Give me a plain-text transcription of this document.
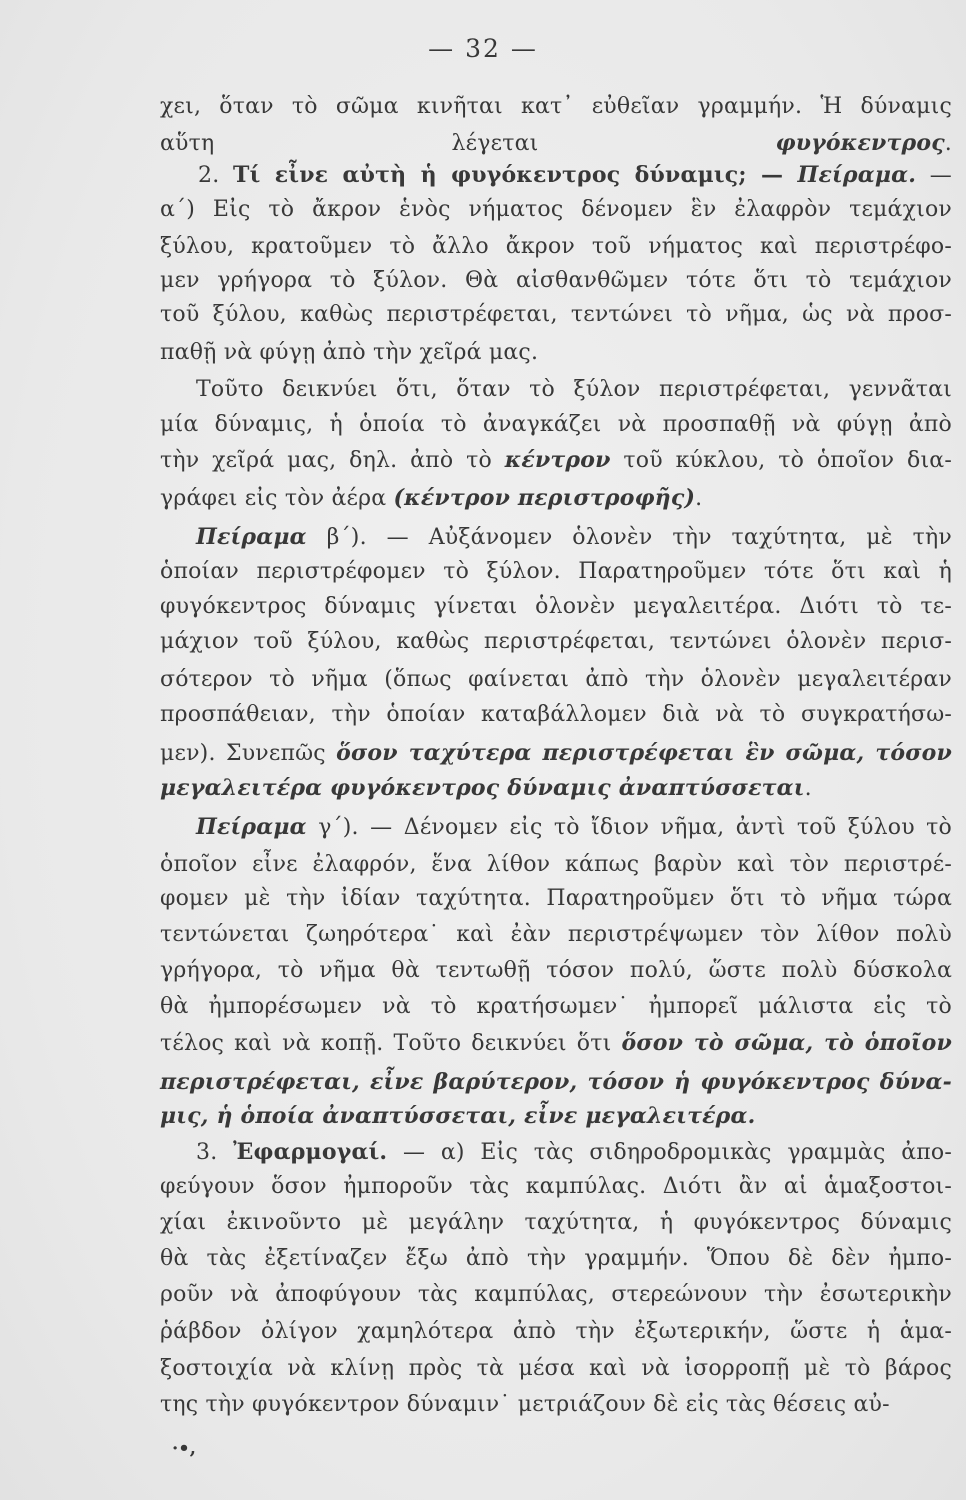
— 32 —
χει, ὅταν τὸ σῶμα κινῆται κατ᾽ εὐθεῖαν γραμμήν. Ἡ δύναμις
αὕτη λέγεται φυγόκεντρος.
2. Τί εἶνε αὐτὴ ἡ φυγόκεντρος δύναμις; — Πείραμα. —
α´) Εἰς τὸ ἄκρον ἑνὸς νήματος δένομεν ἓν ἐλαφρὸν τεμάχιον
ξύλου, κρατοῦμεν τὸ ἄλλο ἄκρον τοῦ νήματος καὶ περιστρέφο-
μεν γρήγορα τὸ ξύλον. Θὰ αἰσθανθῶμεν τότε ὅτι τὸ τεμάχιον
τοῦ ξύλου, καθὼς περιστρέφεται, τεντώνει τὸ νῆμα, ὡς νὰ προσ-
παθῇ νὰ φύγῃ ἀπὸ τὴν χεῖρά μας.
Τοῦτο δεικνύει ὅτι, ὅταν τὸ ξύλον περιστρέφεται, γεννᾶται
μία δύναμις, ἡ ὁποία τὸ ἀναγκάζει νὰ προσπαθῇ νὰ φύγῃ ἀπὸ
τὴν χεῖρά μας, δηλ. ἀπὸ τὸ κέντρον τοῦ κύκλου, τὸ ὁποῖον δια-
γράφει εἰς τὸν ἀέρα (κέντρον περιστροφῆς).
Πείραμα β´). — Αὐξάνομεν ὁλονὲν τὴν ταχύτητα, μὲ τὴν
ὁποίαν περιστρέφομεν τὸ ξύλον. Παρατηροῦμεν τότε ὅτι καὶ ἡ
φυγόκεντρος δύναμις γίνεται ὁλονὲν μεγαλειτέρα. Διότι τὸ τε-
μάχιον τοῦ ξύλου, καθὼς περιστρέφεται, τεντώνει ὁλονὲν περισ-
σότερον τὸ νῆμα (ὅπως φαίνεται ἀπὸ τὴν ὁλονὲν μεγαλειτέραν
προσπάθειαν, τὴν ὁποίαν καταβάλλομεν διὰ νὰ τὸ συγκρατήσω-
μεν). Συνεπῶς ὅσον ταχύτερα περιστρέφεται ἓν σῶμα, τόσον
μεγαλειτέρα φυγόκεντρος δύναμις ἀναπτύσσεται.
Πείραμα γ´). — Δένομεν εἰς τὸ ἴδιον νῆμα, ἀντὶ τοῦ ξύλου τὸ
ὁποῖον εἶνε ἐλαφρόν, ἕνα λίθον κάπως βαρὺν καὶ τὸν περιστρέ-
φομεν μὲ τὴν ἰδίαν ταχύτητα. Παρατηροῦμεν ὅτι τὸ νῆμα τώρα
τεντώνεται ζωηρότερα˙ καὶ ἐὰν περιστρέψωμεν τὸν λίθον πολὺ
γρήγορα, τὸ νῆμα θὰ τεντωθῇ τόσον πολύ, ὥστε πολὺ δύσκολα
θὰ ἠμπορέσωμεν νὰ τὸ κρατήσωμεν˙ ἠμπορεῖ μάλιστα εἰς τὸ
τέλος καὶ νὰ κοπῇ. Τοῦτο δεικνύει ὅτι ὅσον τὸ σῶμα, τὸ ὁποῖον
περιστρέφεται, εἶνε βαρύτερον, τόσον ἡ φυγόκεντρος δύνα-
μις, ἡ ὁποία ἀναπτύσσεται, εἶνε μεγαλειτέρα.
3. Ἐφαρμογαί. — α) Εἰς τὰς σιδηροδρομικὰς γραμμὰς ἀπο-
φεύγουν ὅσον ἠμποροῦν τὰς καμπύλας. Διότι ἂν αἱ ἁμαξοστοι-
χίαι ἐκινοῦντο μὲ μεγάλην ταχύτητα, ἡ φυγόκεντρος δύναμις
θὰ τὰς ἐξετίναζεν ἔξω ἀπὸ τὴν γραμμήν. Ὅπου δὲ δὲν ἠμπο-
ροῦν νὰ ἀποφύγουν τὰς καμπύλας, στερεώνουν τὴν ἐσωτερικὴν
ῥάβδον ὀλίγον χαμηλότερα ἀπὸ τὴν ἐξωτερικήν, ὥστε ἡ ἁμα-
ξοστοιχία νὰ κλίνῃ πρὸς τὰ μέσα καὶ νὰ ἰσορροπῇ μὲ τὸ βάρος
της τὴν φυγόκεντρον δύναμιν˙ μετριάζουν δὲ εἰς τὰς θέσεις αὐ-
·•,
